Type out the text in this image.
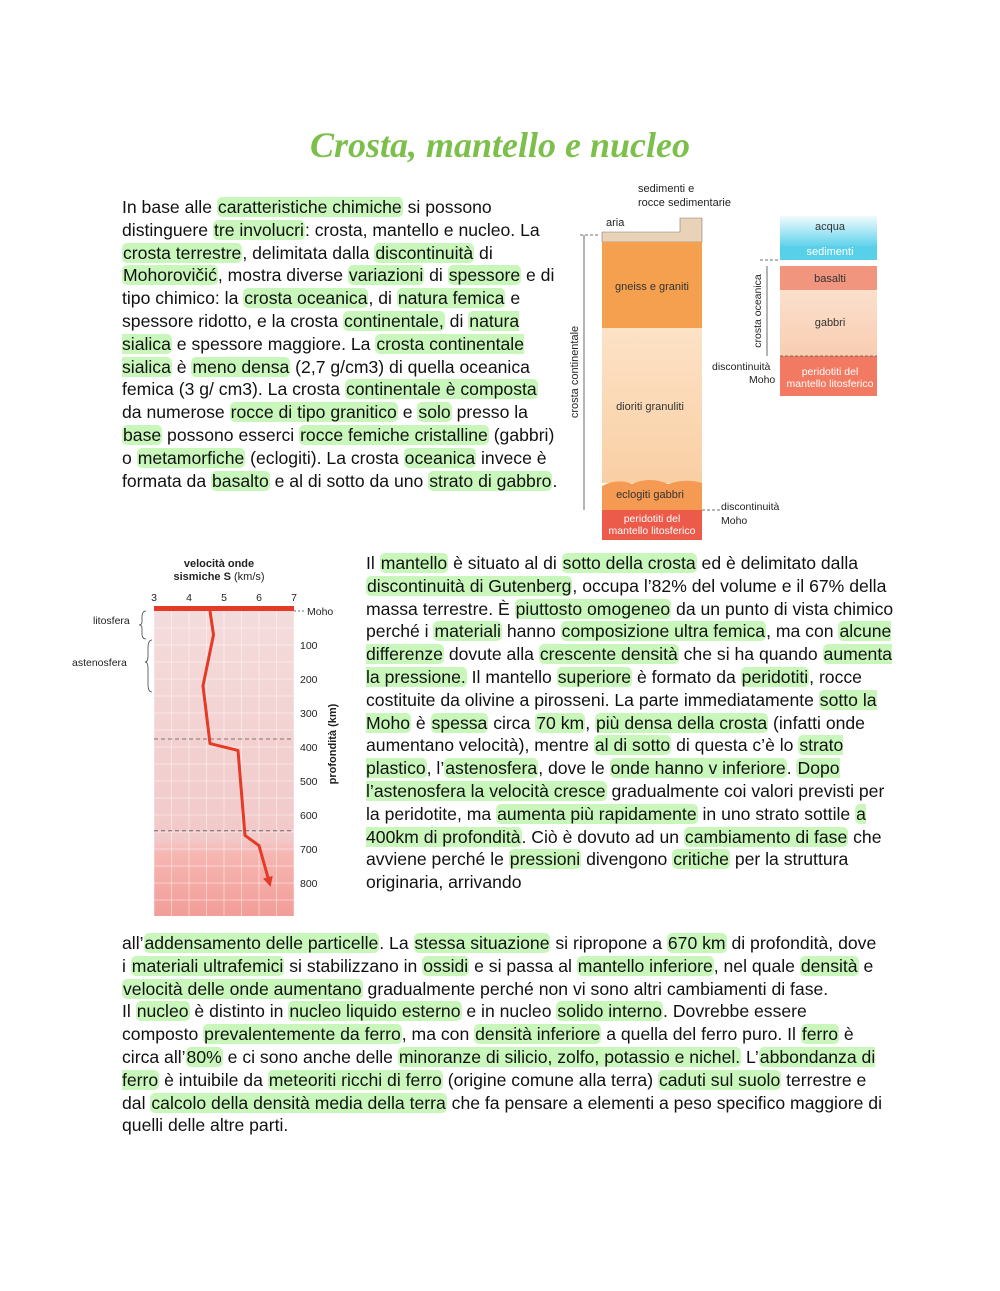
Crosta, mantello e nucleo
In base alle caratteristiche chimiche si possono distinguere tre involucri: crosta, mantello e nucleo. La crosta terrestre, delimitata dalla discontinuità di Mohorovičić, mostra diverse variazioni di spessore e di tipo chimico: la crosta oceanica, di natura femica e spessore ridotto, e la crosta continentale, di natura sialica e spessore maggiore. La crosta continentale sialica è meno densa (2,7 g/cm3) di quella oceanica femica (3 g/ cm3). La crosta continentale è composta da numerose rocce di tipo granitico e solo presso la base possono esserci rocce femiche cristalline (gabbri) o metamorfiche (eclogiti). La crosta oceanica invece è formata da basalto e al di sotto da uno strato di gabbro.
sedimenti e
rocce sedimentarie
aria
gneiss e graniti
dioriti granuliti
eclogiti gabbri
peridotiti del
mantello litosferico
crosta continentale
discontinuità
Moho
acqua
sedimenti
basalti
gabbri
peridotiti del
mantello litosferico
crosta oceanica
discontinuità
Moho
velocità onde
sismiche S (km/s)
3	4	5	6	7
100
200
300
400
500
600
700
800
Moho
profondità (km)
litosfera
astenosfera
Il mantello è situato al di sotto della crosta ed è delimitato dalla discontinuità di Gutenberg, occupa l’82% del volume e il 67% della massa terrestre. È piuttosto omogeneo da un punto di vista chimico perché i materiali hanno composizione ultra femica, ma con alcune differenze dovute alla crescente densità che si ha quando aumenta la pressione. Il mantello superiore è formato da peridotiti, rocce costituite da olivine a pirosseni. La parte immediatamente sotto la Moho è spessa circa 70 km, più densa della crosta (infatti onde aumentano velocità), mentre al di sotto di questa c’è lo strato plastico, l’astenosfera, dove le onde hanno v inferiore. Dopo l’astenosfera la velocità cresce gradualmente coi valori previsti per la peridotite, ma aumenta più rapidamente in uno strato sottile a 400km di profondità. Ciò è dovuto ad un cambiamento di fase che avviene perché le pressioni divengono critiche per la struttura originaria, arrivando
all’addensamento delle particelle. La stessa situazione si ripropone a 670 km di profondità, dove i materiali ultrafemici si stabilizzano in ossidi e si passa al mantello inferiore, nel quale densità e velocità delle onde aumentano gradualmente perché non vi sono altri cambiamenti di fase.
Il nucleo è distinto in nucleo liquido esterno e in nucleo solido interno. Dovrebbe essere composto prevalentemente da ferro, ma con densità inferiore a quella del ferro puro. Il ferro è circa all’80% e ci sono anche delle minoranze di silicio, zolfo, potassio e nichel. L’abbondanza di ferro è intuibile da meteoriti ricchi di ferro (origine comune alla terra) caduti sul suolo terrestre e dal calcolo della densità media della terra che fa pensare a elementi a peso specifico maggiore di quelli delle altre parti.
